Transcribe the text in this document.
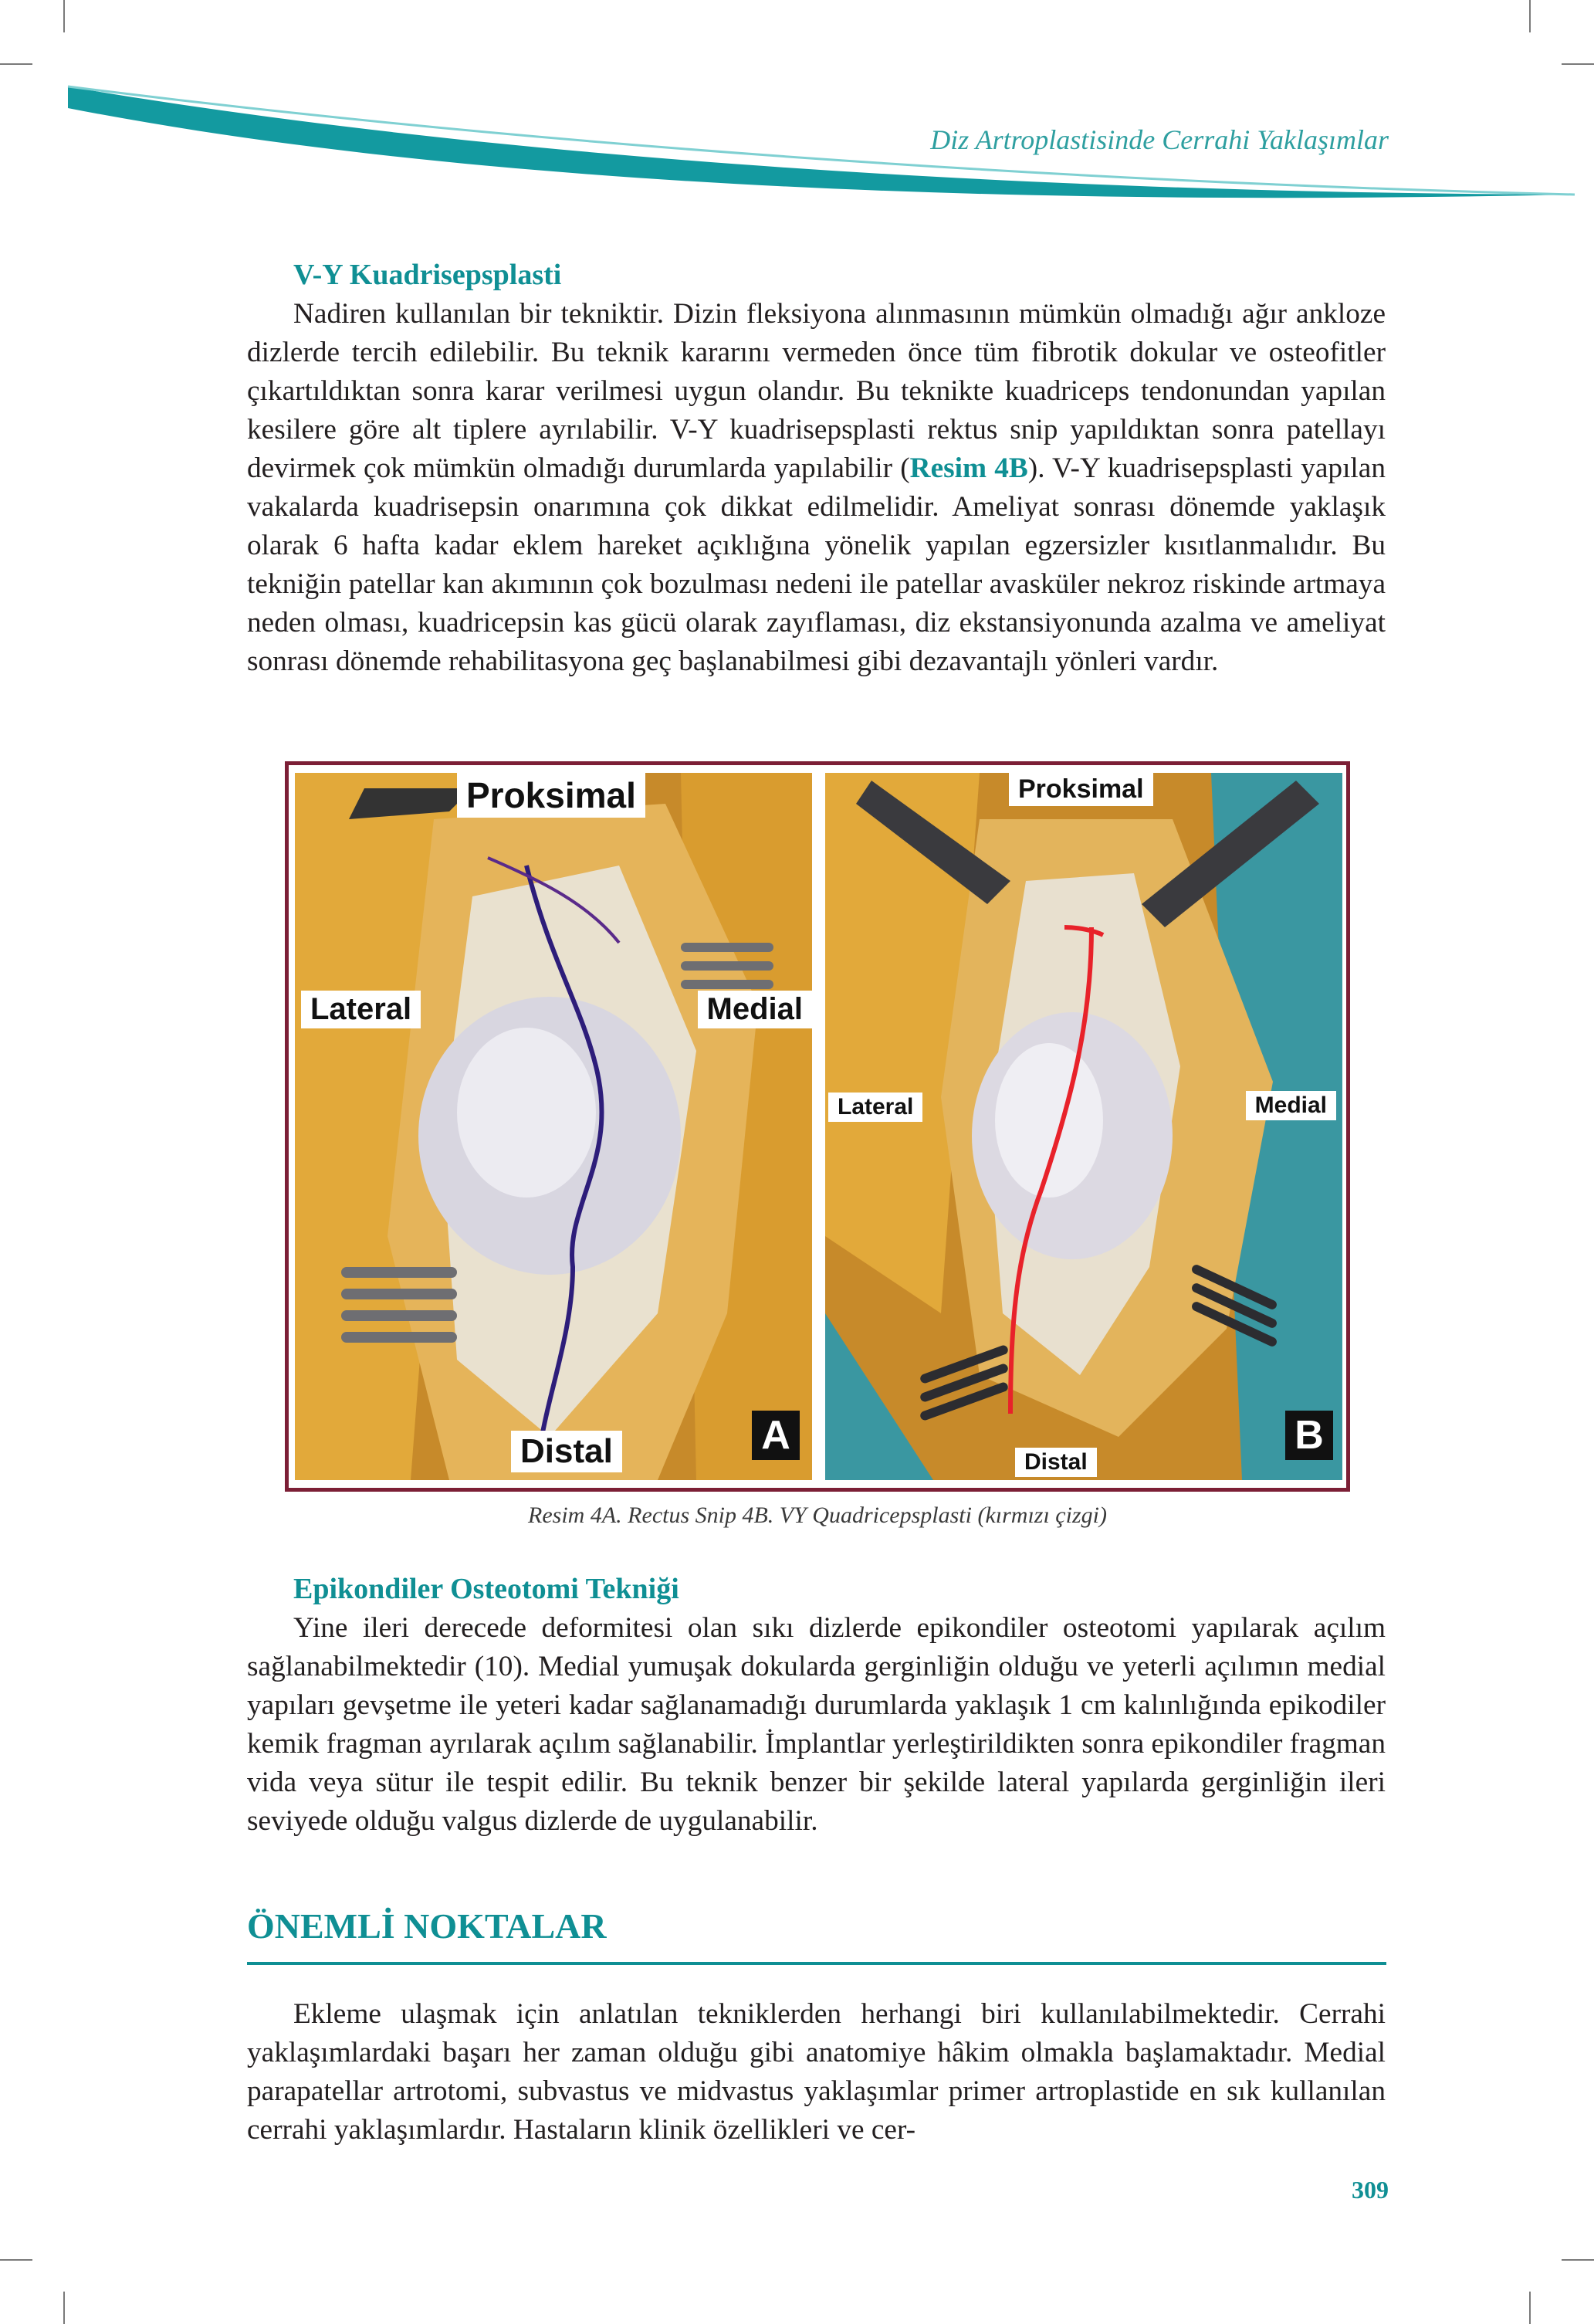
Diz Artroplastisinde Cerrahi Yaklaşımlar
V-Y Kuadrisepsplasti

Nadiren kullanılan bir tekniktir. Dizin fleksiyona alınmasının mümkün olmadığı ağır ankloze dizlerde tercih edilebilir. Bu teknik kararını vermeden önce tüm fibrotik dokular ve osteofitler çıkartıldıktan sonra karar verilmesi uygun olandır. Bu teknikte kuadriceps tendonundan yapılan kesilere göre alt tiplere ayrılabilir. V-Y kuadrisepsplasti rektus snip yapıldıktan sonra patellayı devirmek çok mümkün olmadığı durumlarda yapılabilir (Resim 4B). V-Y kuadrisepsplasti yapılan vakalarda kuadrisepsin onarımına çok dikkat edilmelidir. Ameliyat sonrası dönemde yaklaşık olarak 6 hafta kadar eklem hareket açıklığına yönelik yapılan egzersizler kısıtlanmalıdır. Bu tekniğin patellar kan akımının çok bozulması nedeni ile patellar avasküler nekroz riskinde artmaya neden olması, kuadricepsin kas gücü olarak zayıflaması, diz ekstansiyonunda azalma ve ameliyat sonrası dönemde rehabilitasyona geç başlanabilmesi gibi dezavantajlı yönleri vardır.

Proksimal
Lateral	Medial
Distal	A
Proksimal
Lateral	Medial
Distal
B
Resim 4A. Rectus Snip 4B. VY Quadricepsplasti (kırmızı çizgi)
Epikondiler Osteotomi Tekniği

Yine ileri derecede deformitesi olan sıkı dizlerde epikondiler osteotomi yapılarak açılım sağlanabilmektedir (10). Medial yumuşak dokularda gerginliğin olduğu ve yeterli açılımın medial yapıları gevşetme ile yeteri kadar sağlanamadığı durumlarda yaklaşık 1 cm kalınlığında epikodiler kemik fragman ayrılarak açılım sağlanabilir. İmplantlar yerleştirildikten sonra epikondiler fragman vida veya sütur ile tespit edilir. Bu teknik benzer bir şekilde lateral yapılarda gerginliğin ileri seviyede olduğu valgus dizlerde de uygulanabilir.

ÖNEMLİ NOKTALAR

Ekleme ulaşmak için anlatılan tekniklerden herhangi biri kullanılabilmektedir. Cerrahi yaklaşımlardaki başarı her zaman olduğu gibi anatomiye hâkim olmakla başlamaktadır. Medial parapatellar artrotomi, subvastus ve midvastus yaklaşımlar primer artroplastide en sık kullanılan cerrahi yaklaşımlardır. Hastaların klinik özellikleri ve cer-

309
